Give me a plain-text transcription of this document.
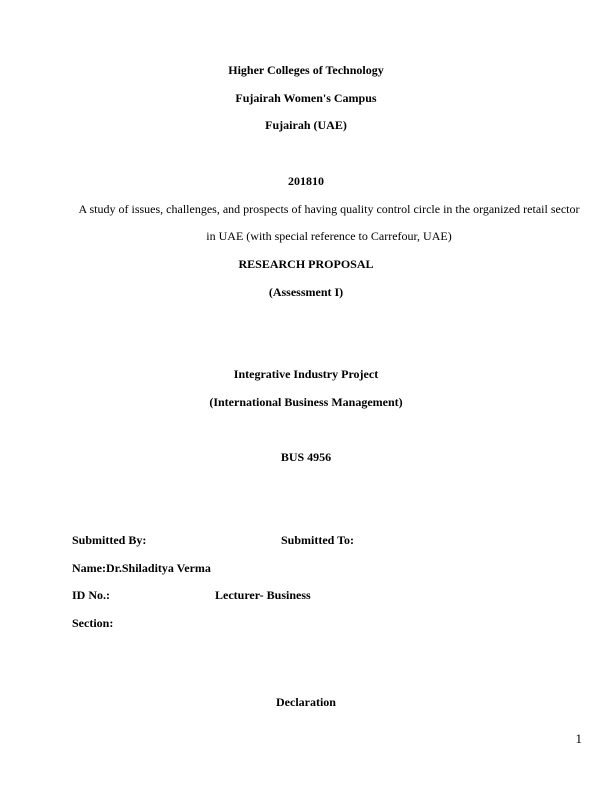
Higher Colleges of Technology
Fujairah Women's Campus
Fujairah (UAE)
201810
A study of issues, challenges, and prospects of having quality control circle in the organized retail sector
in UAE (with special reference to Carrefour, UAE)
RESEARCH PROPOSAL
(Assessment I)
Integrative Industry Project
(International Business Management)
BUS 4956
Submitted By:	Submitted To:
Name:Dr.Shiladitya Verma
ID No.:	Lecturer- Business
Section:
Declaration
1
